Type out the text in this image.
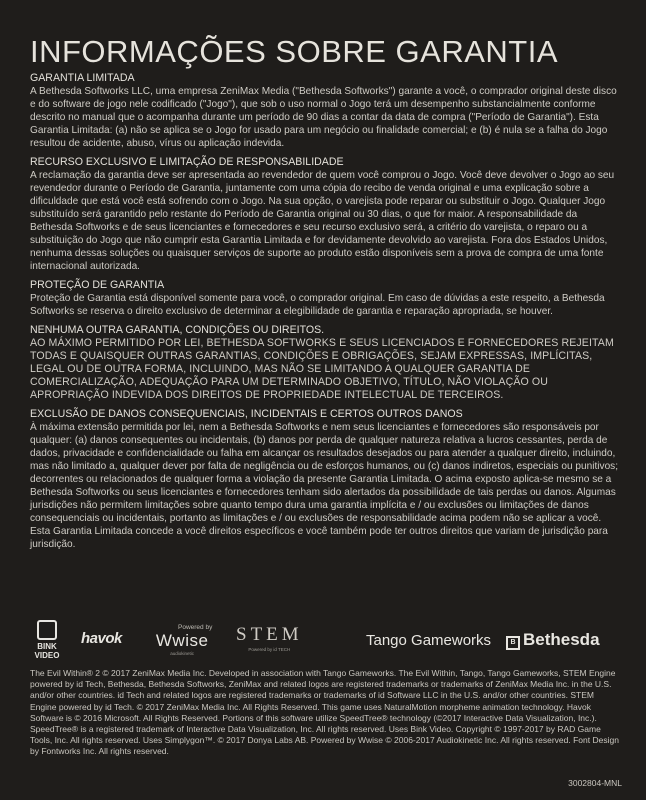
INFORMAÇÕES SOBRE GARANTIA
GARANTIA LIMITADA

A Bethesda Softworks LLC, uma empresa ZeniMax Media ("Bethesda Softworks") garante a você, o comprador original deste disco e do software de jogo nele codificado ("Jogo"), que sob o uso normal o Jogo terá um desempenho substancialmente conforme descrito no manual que o acompanha durante um período de 90 dias a contar da data de compra ("Período de Garantia"). Esta Garantia Limitada: (a) não se aplica se o Jogo for usado para um negócio ou finalidade comercial; e (b) é nula se a falha do Jogo resultou de acidente, abuso, vírus ou aplicação indevida.

RECURSO EXCLUSIVO E LIMITAÇÃO DE RESPONSABILIDADE

A reclamação da garantia deve ser apresentada ao revendedor de quem você comprou o Jogo. Você deve devolver o Jogo ao seu revendedor durante o Período de Garantia, juntamente com uma cópia do recibo de venda original e uma explicação sobre a dificuldade que está você está sofrendo com o Jogo. Na sua opção, o varejista pode reparar ou substituir o Jogo. Qualquer Jogo substituído será garantido pelo restante do Período de Garantia original ou 30 dias, o que for maior. A responsabilidade da Bethesda Softworks e de seus licenciantes e fornecedores e seu recurso exclusivo será, a critério do varejista, o reparo ou a substituição do Jogo que não cumprir esta Garantia Limitada e for devidamente devolvido ao varejista. Fora dos Estados Unidos, nenhuma dessas soluções ou quaisquer serviços de suporte ao produto estão disponíveis sem a prova de compra de uma fonte internacional autorizada.

PROTEÇÃO DE GARANTIA

Proteção de Garantia está disponível somente para você, o comprador original. Em caso de dúvidas a este respeito, a Bethesda Softworks se reserva o direito exclusivo de determinar a elegibilidade de garantia e reparação apropriada, se houver.

NENHUMA OUTRA GARANTIA, CONDIÇÕES OU DIREITOS.

AO MÁXIMO PERMITIDO POR LEI, BETHESDA SOFTWORKS E SEUS LICENCIADOS E FORNECEDORES REJEITAM TODAS E QUAISQUER OUTRAS GARANTIAS, CONDIÇÕES E OBRIGAÇÕES, SEJAM EXPRESSAS, IMPLÍCITAS, LEGAL OU DE OUTRA FORMA, INCLUINDO, MAS NÃO SE LIMITANDO A QUALQUER GARANTIA DE COMERCIALIZAÇÃO, ADEQUAÇÃO PARA UM DETERMINADO OBJETIVO, TÍTULO, NÃO VIOLAÇÃO OU APROPRIAÇÃO INDEVIDA DOS DIREITOS DE PROPRIEDADE INTELECTUAL DE TERCEIROS.

EXCLUSÃO DE DANOS CONSEQUENCIAIS, INCIDENTAIS E CERTOS OUTROS DANOS

À máxima extensão permitida por lei, nem a Bethesda Softworks e nem seus licenciantes e fornecedores são responsáveis por qualquer: (a) danos consequentes ou incidentais, (b) danos por perda de qualquer natureza relativa a lucros cessantes, perda de dados, privacidade e confidencialidade ou falha em alcançar os resultados desejados ou para atender a qualquer direito, incluindo, mas não limitado a, qualquer dever por falta de negligência ou de esforços humanos, ou (c) danos indiretos, especiais ou punitivos; decorrentes ou relacionados de qualquer forma a violação da presente Garantia Limitada. O acima exposto aplica-se mesmo se a Bethesda Softworks ou seus licenciantes e fornecedores tenham sido alertados da possibilidade de tais perdas ou danos. Algumas jurisdições não permitem limitações sobre quanto tempo dura uma garantia implícita e / ou exclusões ou limitações de danos consequenciais ou incidentais, portanto as limitações e / ou exclusões de responsabilidade acima podem não se aplicar a você. Esta Garantia Limitada concede a você direitos específicos e você também pode ter outros direitos que variam de jurisdição para jurisdição.

BINK VIDEO
havok
Powered by
Wwise
audiokinetic
STEM
Powered by id TECH
Tango Gameworks	B Bethesda

The Evil Within® 2 © 2017 ZeniMax Media Inc. Developed in association with Tango Gameworks. The Evil Within, Tango, Tango Gameworks, STEM Engine powered by id Tech, Bethesda, Bethesda Softworks, ZeniMax and related logos are registered trademarks or trademarks of ZeniMax Media Inc. in the U.S. and/or other countries. id Tech and related logos are registered trademarks or trademarks of id Software LLC in the U.S. and/or other countries. STEM Engine powered by id Tech. © 2017 ZeniMax Media Inc. All Rights Reserved. This game uses NaturalMotion morpheme animation technology. Havok Software is © 2016 Microsoft. All Rights Reserved. Portions of this software utilize SpeedTree® technology (©2017 Interactive Data Visualization, Inc.). SpeedTree® is a registered trademark of Interactive Data Visualization, Inc. All rights reserved. Uses Bink Video. Copyright © 1997-2017 by RAD Game Tools, Inc. All rights reserved. Uses Simplygon™. © 2017 Donya Labs AB. Powered by Wwise © 2006-2017 Audiokinetic Inc. All rights reserved. Font Design by Fontworks Inc. All rights reserved.

3002804-MNL
